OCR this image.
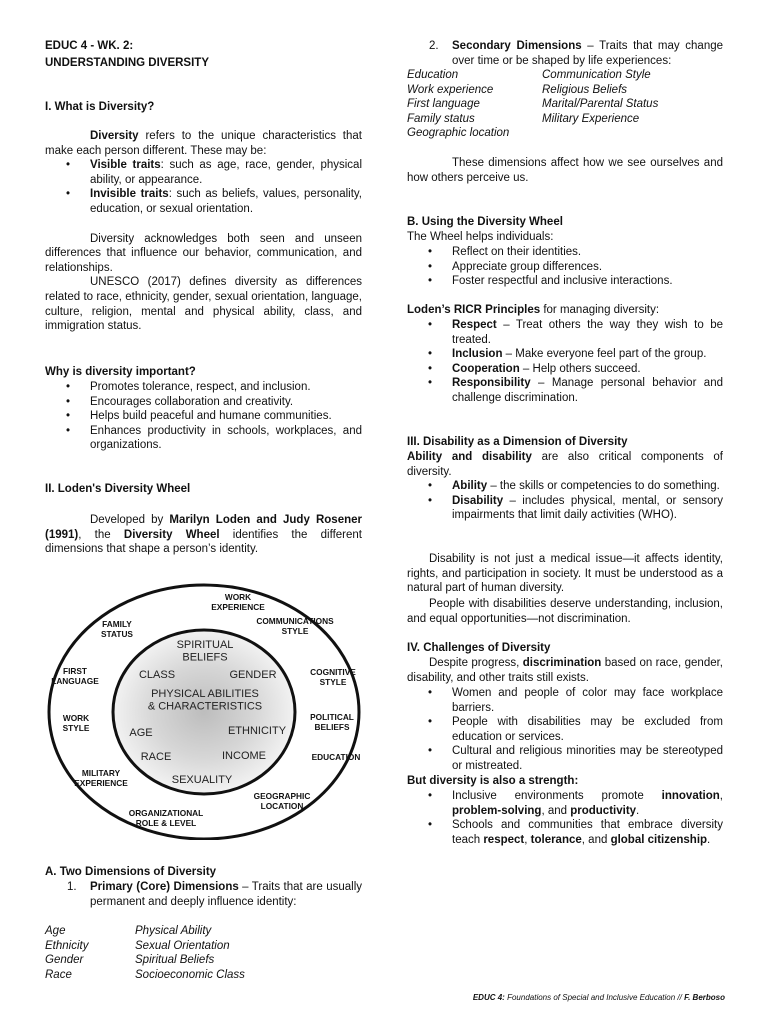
EDUC 4 - WK. 2:
UNDERSTANDING DIVERSITY
I. What is Diversity?

Diversity refers to the unique characteristics that make each person different. These may be:

• Visible traits: such as age, race, gender, physical ability, or appearance.
• Invisible traits: such as beliefs, values, personality, education, or sexual orientation.

Diversity acknowledges both seen and unseen differences that influence our behavior, communication, and relationships.

UNESCO (2017) defines diversity as differences related to race, ethnicity, gender, sexual orientation, language, culture, religion, mental and physical ability, class, and immigration status.

Why is diversity important?
• Promotes tolerance, respect, and inclusion.
• Encourages collaboration and creativity.
• Helps build peaceful and humane communities.
• Enhances productivity in schools, workplaces, and organizations.
II. Loden's Diversity Wheel

Developed by Marilyn Loden and Judy Rosener (1991), the Diversity Wheel identifies the different dimensions that shape a person’s identity.

A. Two Dimensions of Diversity
1. Primary (Core) Dimensions – Traits that are usually permanent and deeply influence identity:
Age	Physical Ability
Ethnicity	Sexual Orientation
Gender	Spiritual Beliefs
Race	Socioeconomic Class
WORK
EXPERIENCE
FAMILY
STATUS
COMMUNICATIONS
STYLE
FIRST
LANGUAGE
COGNITIVE
STYLE
WORK
STYLE
POLITICAL
BELIEFS
EDUCATION
MILITARY
EXPERIENCE
GEOGRAPHIC
LOCATION
ORGANIZATIONAL
ROLE & LEVEL
SPIRITUAL
BELIEFS
CLASS	GENDER
PHYSICAL ABILITIES
& CHARACTERISTICS
AGE	ETHNICITY
RACE	INCOME
SEXUALITY
2. Secondary Dimensions – Traits that may change over time or be shaped by life experiences:
Education	Communication Style
Work experience	Religious Beliefs
First language	Marital/Parental Status
Family status	Military Experience
Geographic location

These dimensions affect how we see ourselves and how others perceive us.

B. Using the Diversity Wheel
The Wheel helps individuals:
• Reflect on their identities.
• Appreciate group differences.
• Foster respectful and inclusive interactions.
Loden’s RICR Principles for managing diversity:
• Respect – Treat others the way they wish to be treated.
• Inclusion – Make everyone feel part of the group.
• Cooperation – Help others succeed.
• Responsibility – Manage personal behavior and challenge discrimination.
III. Disability as a Dimension of Diversity

Ability and disability are also critical components of diversity.

• Ability – the skills or competencies to do something.
• Disability – includes physical, mental, or sensory impairments that limit daily activities (WHO).

Disability is not just a medical issue—it affects identity, rights, and participation in society. It must be understood as a natural part of human diversity.

People with disabilities deserve understanding, inclusion, and equal opportunities—not discrimination.

IV. Challenges of Diversity

Despite progress, discrimination based on race, gender, disability, and other traits still exists.

• Women and people of color may face workplace barriers.
• People with disabilities may be excluded from education or services.
• Cultural and religious minorities may be stereotyped or mistreated.
But diversity is also a strength:
• Inclusive environments promote innovation, problem-solving, and productivity.
• Schools and communities that embrace diversity teach respect, tolerance, and global citizenship.
EDUC 4: Foundations of Special and Inclusive Education // F. Berboso
